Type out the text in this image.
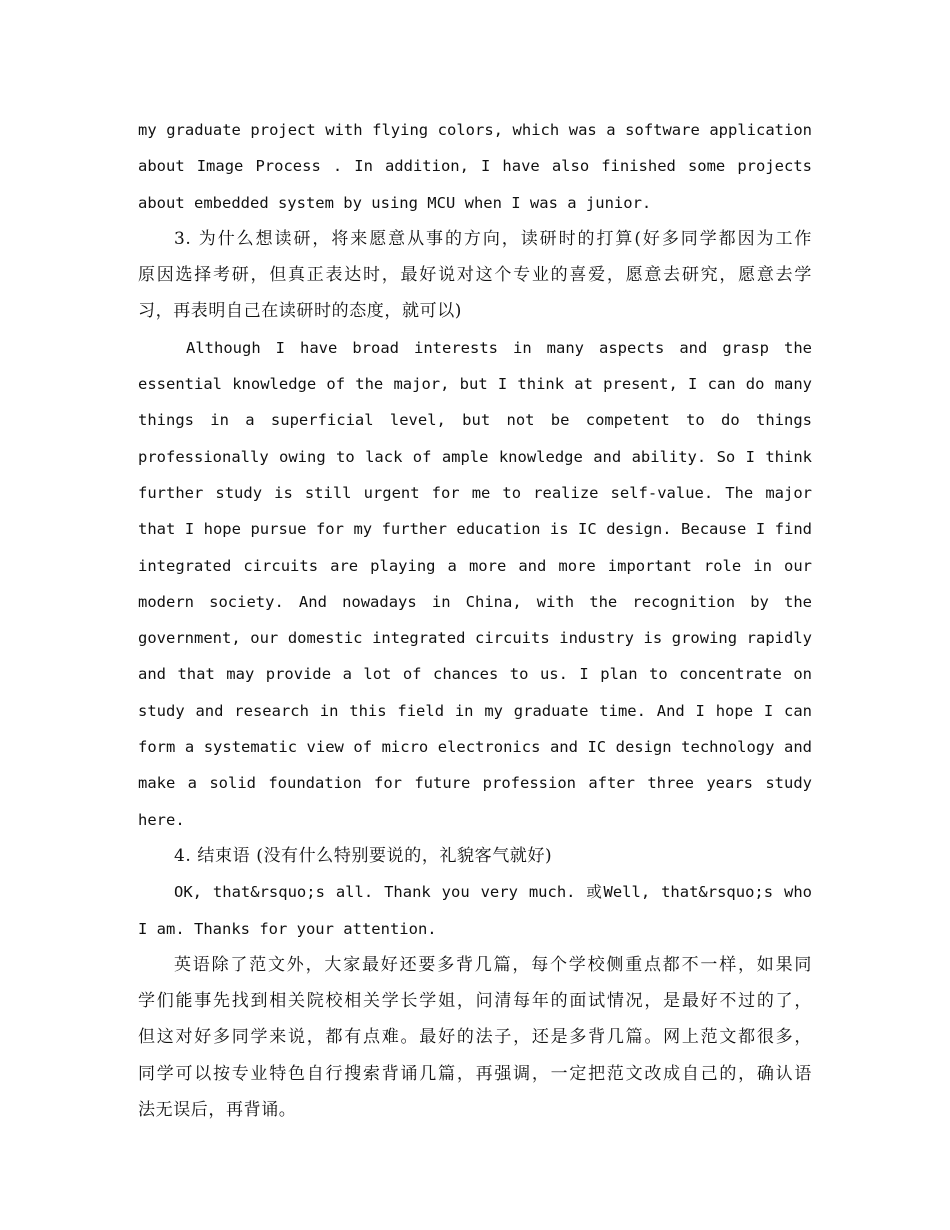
my graduate project with flying colors, which was a software application
about Image Process . In addition, I have also finished some projects
about embedded system by using MCU when I was a junior.
3. 为什么想读研，将来愿意从事的方向，读研时的打算(好多同学都因为工作
原因选择考研，但真正表达时，最好说对这个专业的喜爱，愿意去研究，愿意去学
习，再表明自己在读研时的态度，就可以)
Although I have broad interests in many aspects and grasp the
essential knowledge of the major, but I think at present, I can do many
things in a superficial level, but not be competent to do things
professionally owing to lack of ample knowledge and ability. So I think
further study is still urgent for me to realize self-value. The major
that I hope pursue for my further education is IC design. Because I find
integrated circuits are playing a more and more important role in our
modern society. And nowadays in China, with the recognition by the
government, our domestic integrated circuits industry is growing rapidly
and that may provide a lot of chances to us. I plan to concentrate on
study and research in this field in my graduate time. And I hope I can
form a systematic view of micro electronics and IC design technology and
make a solid foundation for future profession after three years study
here.
4. 结束语 (没有什么特别要说的，礼貌客气就好)
OK, that&rsquo;s all. Thank you very much. 或Well, that&rsquo;s who
I am. Thanks for your attention.
英语除了范文外，大家最好还要多背几篇，每个学校侧重点都不一样，如果同
学们能事先找到相关院校相关学长学姐，问清每年的面试情况，是最好不过的了，
但这对好多同学来说，都有点难。最好的法子，还是多背几篇。网上范文都很多，
同学可以按专业特色自行搜索背诵几篇，再强调，一定把范文改成自己的，确认语
法无误后，再背诵。
